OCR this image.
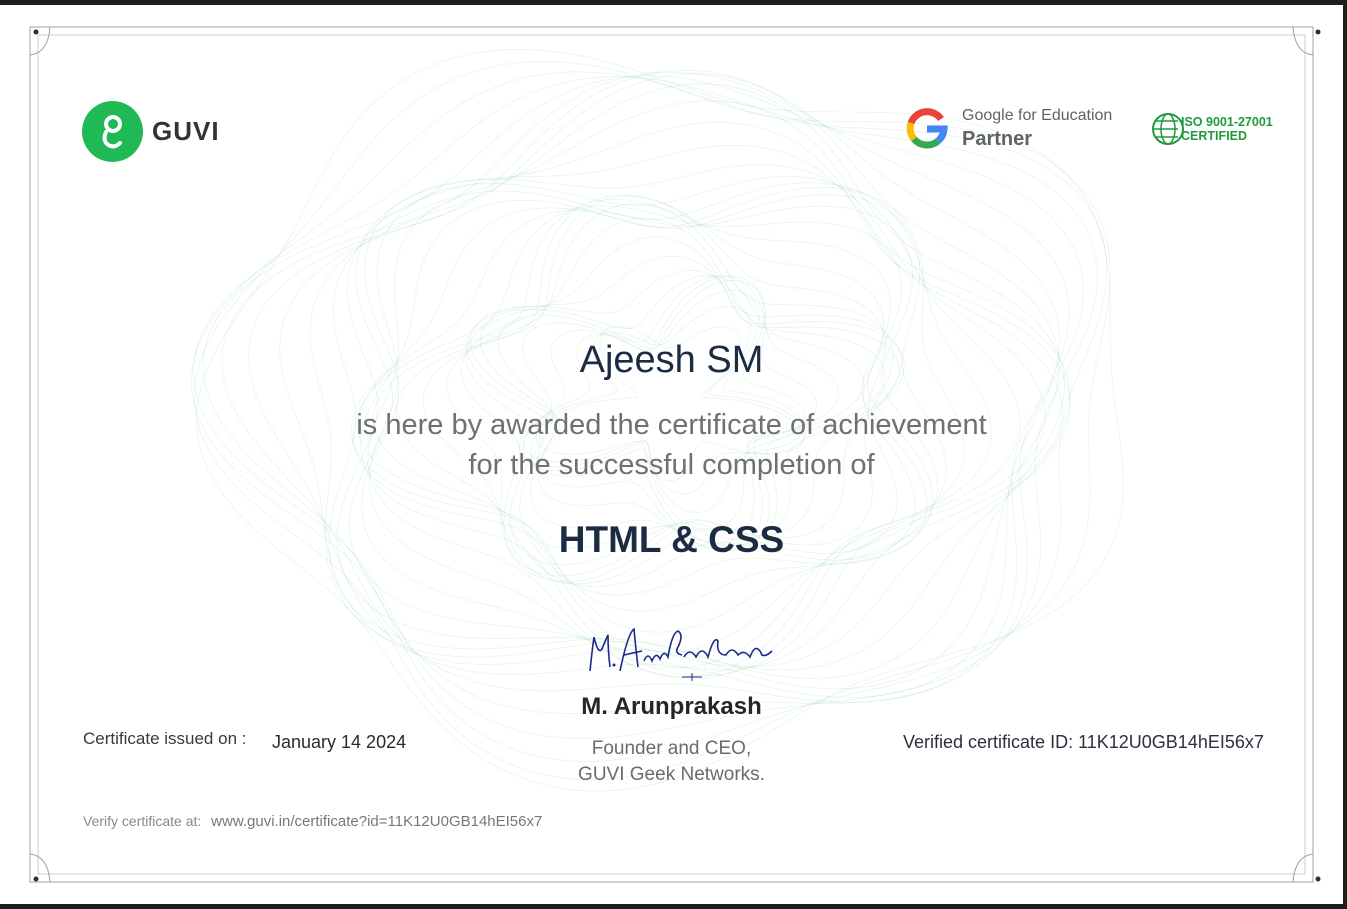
GUVI
Google for Education
Partner
ISO 9001-27001
CERTIFIED
Ajeesh SM
is here by awarded the certificate of achievement
for the successful completion of
HTML & CSS
M. ArunPrakash
M. Arunprakash
Founder and CEO,
GUVI Geek Networks.
Certificate issued on : January 14 2024	Verified certificate ID: 11K12U0GB14hEI56x7
Verify certificate at: www.guvi.in/certificate?id=11K12U0GB14hEI56x7
